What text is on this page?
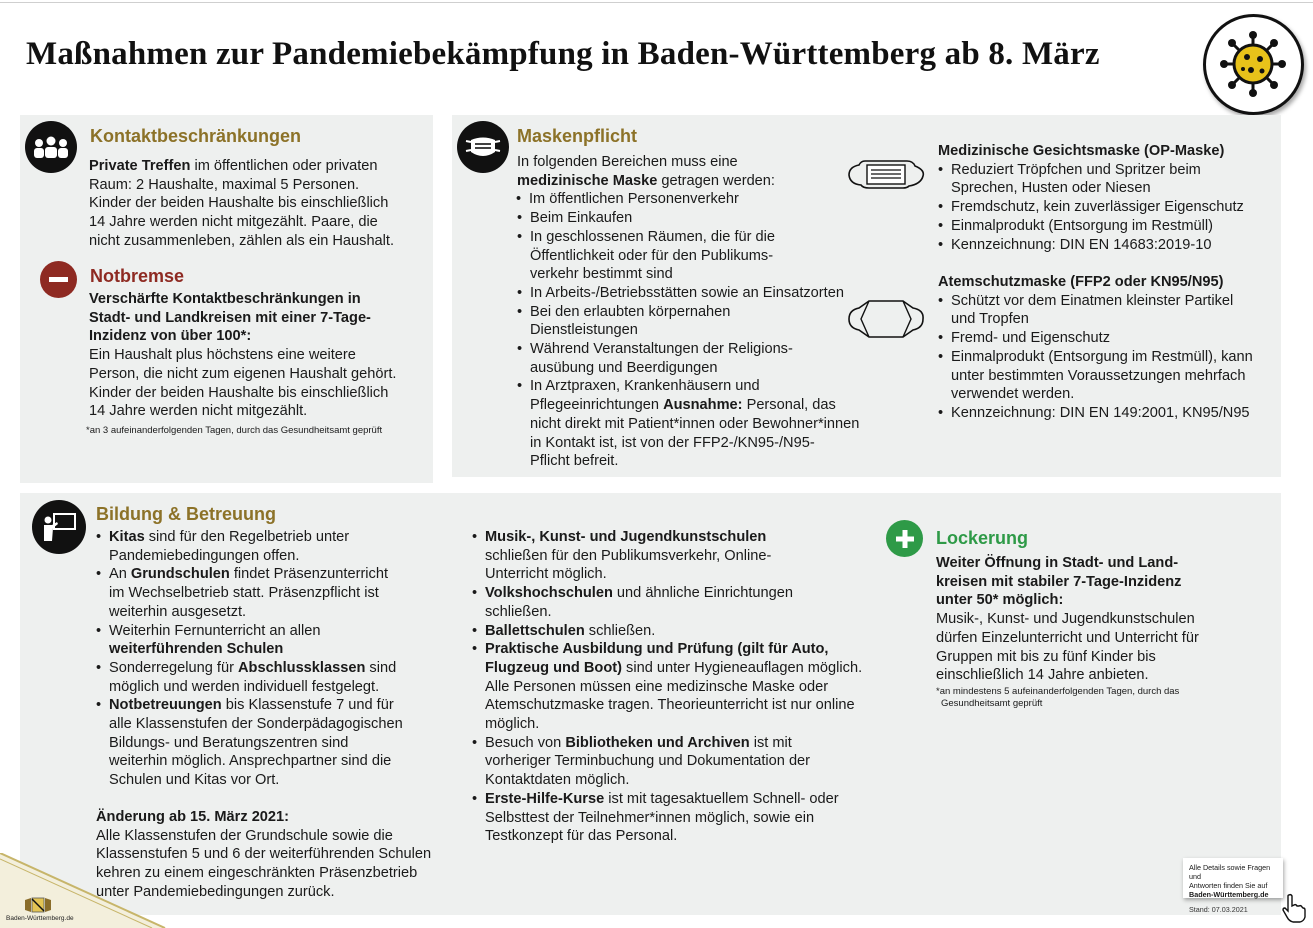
Maßnahmen zur Pandemiebekämpfung in Baden-Württemberg ab 8. März
Kontaktbeschränkungen
Private Treffen im öffentlichen oder privaten
Raum: 2 Haushalte, maximal 5 Personen.
Kinder der beiden Haushalte bis einschließlich
14 Jahre werden nicht mitgezählt. Paare, die
nicht zusammenleben, zählen als ein Haushalt.
Notbremse
Verschärfte Kontaktbeschränkungen in
Stadt- und Landkreisen mit einer 7-Tage-
Inzidenz von über 100*:
Ein Haushalt plus höchstens eine weitere
Person, die nicht zum eigenen Haushalt gehört.
Kinder der beiden Haushalte bis einschließlich
14 Jahre werden nicht mitgezählt.
*an 3 aufeinanderfolgenden Tagen, durch das Gesundheitsamt geprüft
Maskenpflicht
In folgenden Bereichen muss eine
medizinische Maske getragen werden:
• Im öffentlichen Personenverkehr
• Beim Einkaufen
• In geschlossenen Räumen, die für die
Öffentlichkeit oder für den Publikums-
verkehr bestimmt sind
• In Arbeits-/Betriebsstätten sowie an Einsatzorten
• Bei den erlaubten körpernahen
Dienstleistungen
• Während Veranstaltungen der Religions-
ausübung und Beerdigungen
• In Arztpraxen, Krankenhäusern und
Pflegeeinrichtungen Ausnahme: Personal, das
nicht direkt mit Patient*innen oder Bewohner*innen
in Kontakt ist, ist von der FFP2-/KN95-/N95-
Pflicht befreit.
Medizinische Gesichtsmaske (OP-Maske)
• Reduziert Tröpfchen und Spritzer beim
Sprechen, Husten oder Niesen
• Fremdschutz, kein zuverlässiger Eigenschutz
• Einmalprodukt (Entsorgung im Restmüll)
• Kennzeichnung: DIN EN 14683:2019-10
Atemschutzmaske (FFP2 oder KN95/N95)
• Schützt vor dem Einatmen kleinster Partikel
und Tropfen
• Fremd- und Eigenschutz
• Einmalprodukt (Entsorgung im Restmüll), kann
unter bestimmten Voraussetzungen mehrfach
verwendet werden.
• Kennzeichnung: DIN EN 149:2001, KN95/N95
Bildung & Betreuung
• Kitas sind für den Regelbetrieb unter
Pandemiebedingungen offen.
• An Grundschulen findet Präsenzunterricht
im Wechselbetrieb statt. Präsenzpflicht ist
weiterhin ausgesetzt.
• Weiterhin Fernunterricht an allen
weiterführenden Schulen
• Sonderregelung für Abschlussklassen sind
möglich und werden individuell festgelegt.
• Notbetreuungen bis Klassenstufe 7 und für
alle Klassenstufen der Sonderpädagogischen
Bildungs- und Beratungszentren sind
weiterhin möglich. Ansprechpartner sind die
Schulen und Kitas vor Ort.
Änderung ab 15. März 2021:
Alle Klassenstufen der Grundschule sowie die
Klassenstufen 5 und 6 der weiterführenden Schulen
kehren zu einem eingeschränkten Präsenzbetrieb
unter Pandemiebedingungen zurück.
• Musik-, Kunst- und Jugendkunstschulen
schließen für den Publikumsverkehr, Online-
Unterricht möglich.
• Volkshochschulen und ähnliche Einrichtungen
schließen.
• Ballettschulen schließen.
• Praktische Ausbildung und Prüfung (gilt für Auto,
Flugzeug und Boot) sind unter Hygieneauflagen möglich.
Alle Personen müssen eine medizinsche Maske oder
Atemschutzmaske tragen. Theorieunterricht ist nur online
möglich.
• Besuch von Bibliotheken und Archiven ist mit
vorheriger Terminbuchung und Dokumentation der
Kontaktdaten möglich.
• Erste-Hilfe-Kurse ist mit tagesaktuellem Schnell- oder
Selbsttest der Teilnehmer*innen möglich, sowie ein
Testkonzept für das Personal.
Lockerung
Weiter Öffnung in Stadt- und Land-
kreisen mit stabiler 7-Tage-Inzidenz
unter 50* möglich:
Musik-, Kunst- und Jugendkunstschulen
dürfen Einzelunterricht und Unterricht für
Gruppen mit bis zu fünf Kinder bis
einschließlich 14 Jahre anbieten.
*an mindestens 5 aufeinanderfolgenden Tagen, durch das
Gesundheitsamt geprüft
Alle Details sowie Fragen und
Antworten finden Sie auf
Baden-Württemberg.de
Stand: 07.03.2021
Baden-Württemberg.de
